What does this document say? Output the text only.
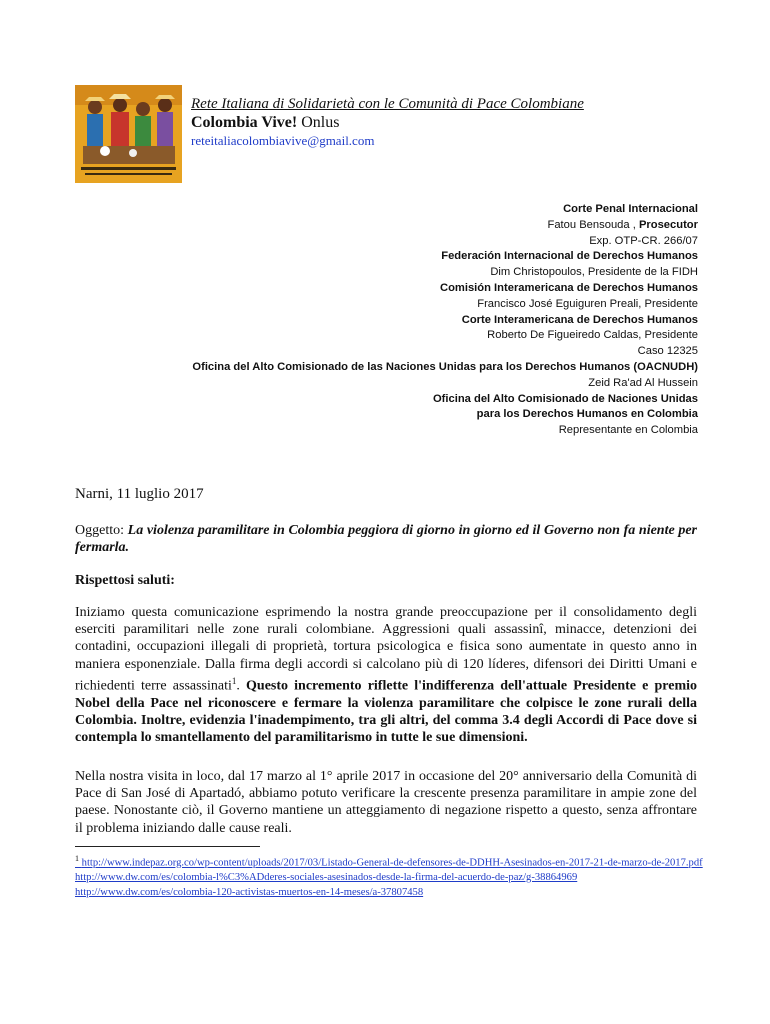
Rete Italiana di Solidarietà con le Comunità di Pace Colombiane
Colombia Vive! Onlus
reteitaliacolombiavive@gmail.com
Corte Penal Internacional
Fatou Bensouda , Prosecutor
Exp. OTP-CR. 266/07
Federación Internacional de Derechos Humanos
Dim Christopoulos, Presidente de la FIDH
Comisión Interamericana de Derechos Humanos
Francisco José Eguiguren Preali, Presidente
Corte Interamericana de Derechos Humanos
Roberto De Figueiredo Caldas, Presidente
Caso 12325
Oficina del Alto Comisionado de las Naciones Unidas para los Derechos Humanos (OACNUDH)
Zeid Ra'ad Al Hussein
Oficina del Alto Comisionado de Naciones Unidas
para los Derechos Humanos en Colombia
Representante en Colombia
Narni, 11 luglio 2017
Oggetto: La violenza paramilitare in Colombia peggiora di giorno in giorno ed il Governo non fa niente per fermarla.
Rispettosi saluti:
Iniziamo questa comunicazione esprimendo la nostra grande preoccupazione per il consolidamento degli eserciti paramilitari nelle zone rurali colombiane. Aggressioni quali assassinî, minacce, detenzioni dei contadini, occupazioni illegali di proprietà, tortura psicologica e fisica sono aumentate in questo anno in maniera esponenziale. Dalla firma degli accordi si calcolano più di 120 líderes, difensori dei Diritti Umani e richiedenti terre assassinati$^1$. Questo incremento riflette l'indifferenza dell'attuale Presidente e premio Nobel della Pace nel riconoscere e fermare la violenza paramilitare che colpisce le zone rurali della Colombia. Inoltre, evidenzia l'inadempimento, tra gli altri, del comma 3.4 degli Accordi di Pace dove si contempla lo smantellamento del paramilitarismo in tutte le sue dimensioni.
Nella nostra visita in loco, dal 17 marzo al 1° aprile 2017 in occasione del 20° anniversario della Comunità di Pace di San José di Apartadó, abbiamo potuto verificare la crescente presenza paramilitare in ampie zone del paese. Nonostante ciò, il Governo mantiene un atteggiamento di negazione rispetto a questo, senza affrontare il problema iniziando dalle cause reali.
$^1$ http://www.indepaz.org.co/wp-content/uploads/2017/03/Listado-General-de-defensores-de-DDHH-Asesinados-en-2017-21-de-marzo-de-2017.pdf
http://www.dw.com/es/colombia-l%C3%ADderes-sociales-asesinados-desde-la-firma-del-acuerdo-de-paz/g-38864969
http://www.dw.com/es/colombia-120-activistas-muertos-en-14-meses/a-37807458
